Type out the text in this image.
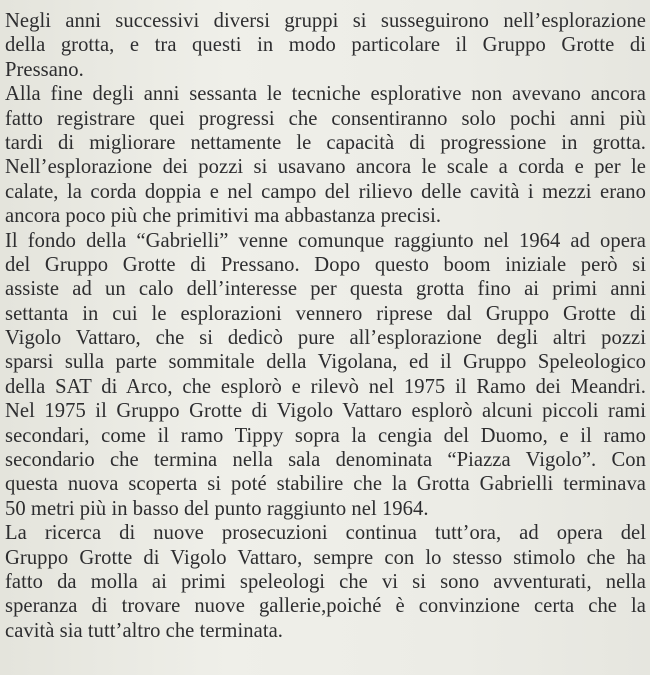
Negli anni successivi diversi gruppi si susseguirono nell’esplorazione
della grotta, e tra questi in modo particolare il Gruppo Grotte di
Pressano.
Alla fine degli anni sessanta le tecniche esplorative non avevano ancora
fatto registrare quei progressi che consentiranno solo pochi anni più
tardi di migliorare nettamente le capacità di progressione in grotta.
Nell’esplorazione dei pozzi si usavano ancora le scale a corda e per le
calate, la corda doppia e nel campo del rilievo delle cavità i mezzi erano
ancora poco più che primitivi ma abbastanza precisi.
Il fondo della “Gabrielli” venne comunque raggiunto nel 1964 ad opera
del Gruppo Grotte di Pressano. Dopo questo boom iniziale però si
assiste ad un calo dell’interesse per questa grotta fino ai primi anni
settanta in cui le esplorazioni vennero riprese dal Gruppo Grotte di
Vigolo Vattaro, che si dedicò pure all’esplorazione degli altri pozzi
sparsi sulla parte sommitale della Vigolana, ed il Gruppo Speleologico
della SAT di Arco, che esplorò e rilevò nel 1975 il Ramo dei Meandri.
Nel 1975 il Gruppo Grotte di Vigolo Vattaro esplorò alcuni piccoli rami
secondari, come il ramo Tippy sopra la cengia del Duomo, e il ramo
secondario che termina nella sala denominata “Piazza Vigolo”. Con
questa nuova scoperta si poté stabilire che la Grotta Gabrielli terminava
50 metri più in basso del punto raggiunto nel 1964.
La ricerca di nuove prosecuzioni continua tutt’ora, ad opera del
Gruppo Grotte di Vigolo Vattaro, sempre con lo stesso stimolo che ha
fatto da molla ai primi speleologi che vi si sono avventurati, nella
speranza di trovare nuove gallerie,poiché è convinzione certa che la
cavità sia tutt’altro che terminata.
